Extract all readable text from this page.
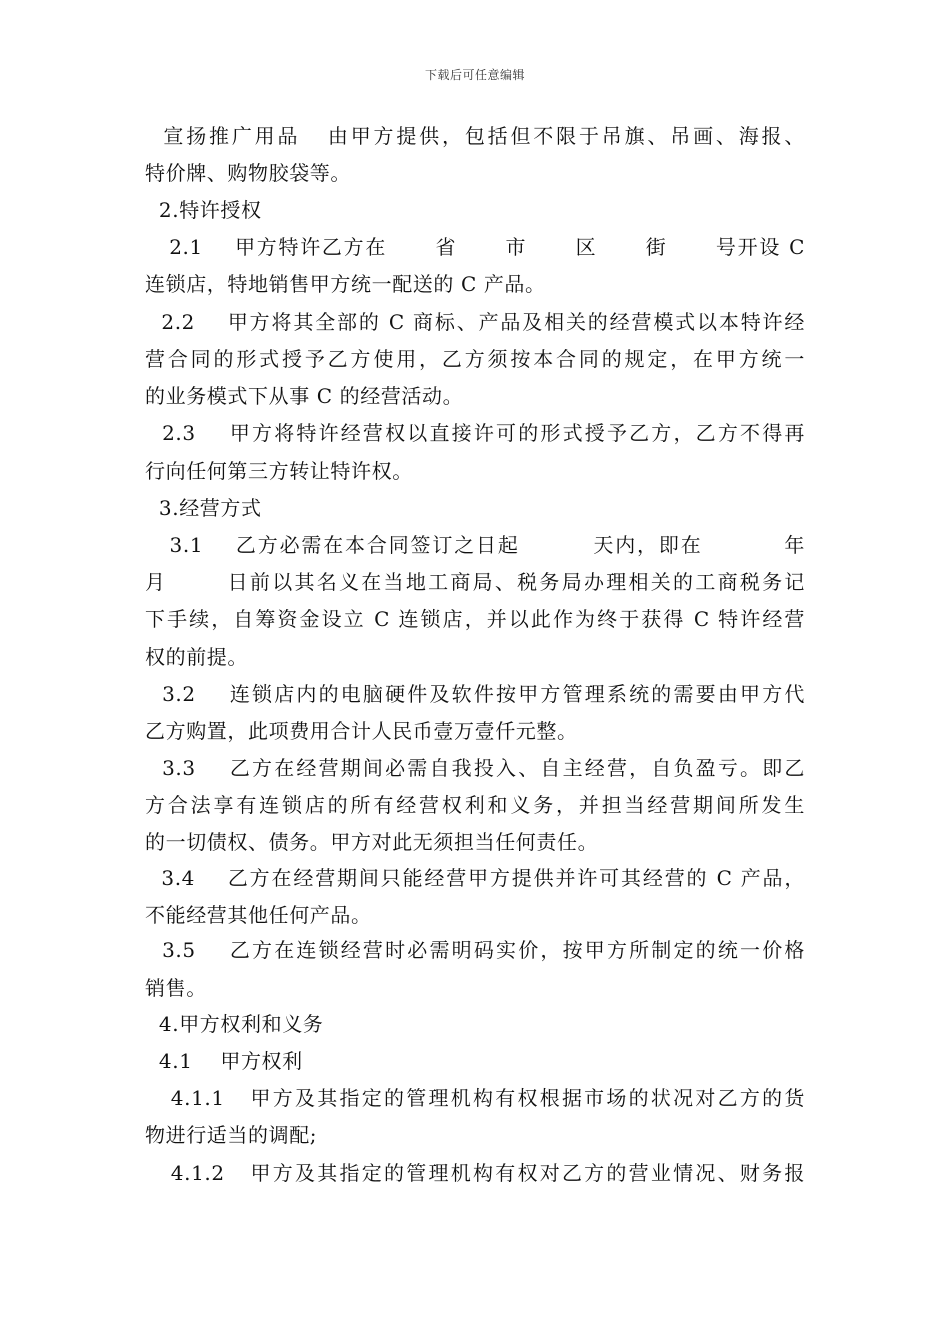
下载后可任意编辑
宣扬推广用品   由甲方提供，包括但不限于吊旗、吊画、海报、
特价牌、购物胶袋等。
2.特许授权
2.1    甲方特许乙方在      省      市      区      街      号开设 C
连锁店，特地销售甲方统一配送的 C 产品。
2.2    甲方将其全部的 C 商标、产品及相关的经营模式以本特许经
营合同的形式授予乙方使用，乙方须按本合同的规定，在甲方统一
的业务模式下从事 C 的经营活动。
2.3    甲方将特许经营权以直接许可的形式授予乙方，乙方不得再
行向任何第三方转让特许权。
3.经营方式
3.1    乙方必需在本合同签订之日起         天内，即在          年
月       日前以其名义在当地工商局、税务局办理相关的工商税务记
下手续，自筹资金设立 C 连锁店，并以此作为终于获得 C 特许经营
权的前提。
3.2    连锁店内的电脑硬件及软件按甲方管理系统的需要由甲方代
乙方购置，此项费用合计人民币壹万壹仟元整。
3.3    乙方在经营期间必需自我投入、自主经营，自负盈亏。即乙
方合法享有连锁店的所有经营权利和义务，并担当经营期间所发生
的一切债权、债务。甲方对此无须担当任何责任。
3.4    乙方在经营期间只能经营甲方提供并许可其经营的 C 产品，
不能经营其他任何产品。
3.5    乙方在连锁经营时必需明码实价，按甲方所制定的统一价格
销售。
4.甲方权利和义务
4.1    甲方权利
4.1.1   甲方及其指定的管理机构有权根据市场的状况对乙方的货
物进行适当的调配;
4.1.2   甲方及其指定的管理机构有权对乙方的营业情况、财务报
